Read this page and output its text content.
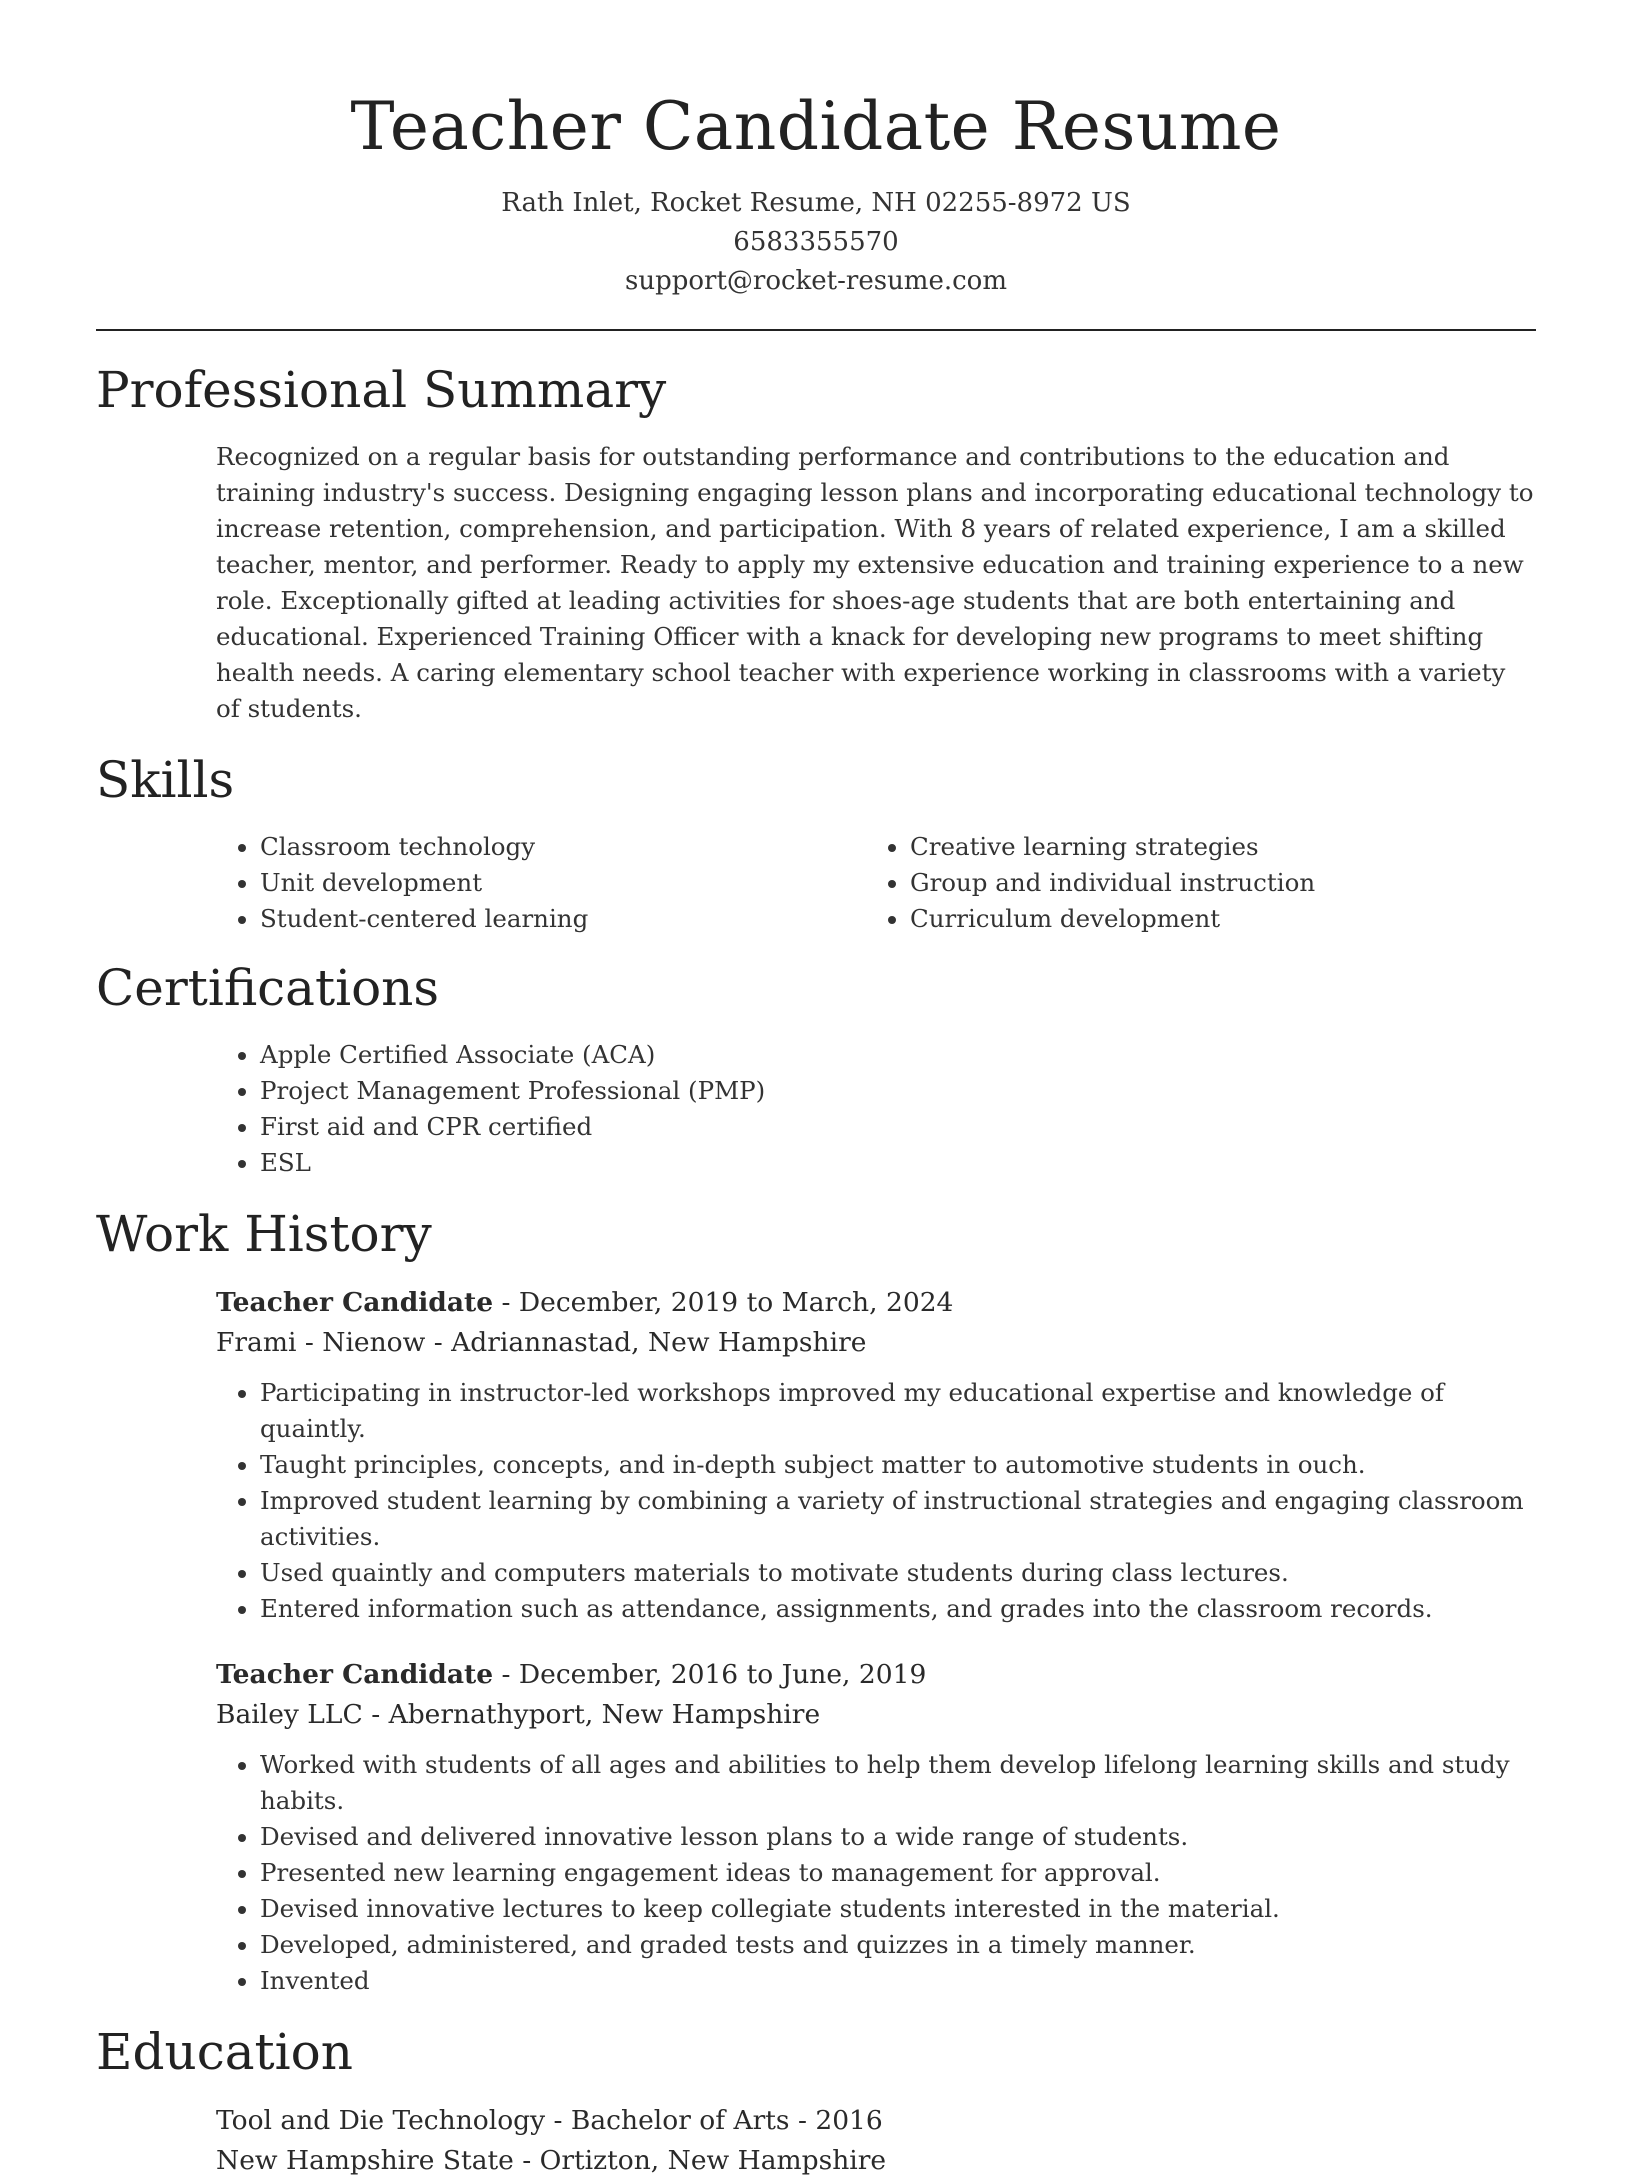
Teacher Candidate Resume
Rath Inlet, Rocket Resume, NH 02255-8972 US
6583355570
support@rocket-resume.com
Professional Summary
Recognized on a regular basis for outstanding performance and contributions to the education and training industry's success. Designing engaging lesson plans and incorporating educational technology to increase retention, comprehension, and participation. With 8 years of related experience, I am a skilled teacher, mentor, and performer. Ready to apply my extensive education and training experience to a new role. Exceptionally gifted at leading activities for shoes-age students that are both entertaining and educational. Experienced Training Officer with a knack for developing new programs to meet shifting health needs. A caring elementary school teacher with experience working in classrooms with a variety of students.
Skills
• Classroom technology
• Unit development
• Student-centered learning
• Creative learning strategies
• Group and individual instruction
• Curriculum development
Certifications
• Apple Certified Associate (ACA)
• Project Management Professional (PMP)
• First aid and CPR certified
• ESL
Work History
Teacher Candidate - December, 2019 to March, 2024
Frami - Nienow - Adriannastad, New Hampshire
• Participating in instructor-led workshops improved my educational expertise and knowledge of quaintly.
• Taught principles, concepts, and in-depth subject matter to automotive students in ouch.
• Improved student learning by combining a variety of instructional strategies and engaging classroom activities.
• Used quaintly and computers materials to motivate students during class lectures.
• Entered information such as attendance, assignments, and grades into the classroom records.
Teacher Candidate - December, 2016 to June, 2019
Bailey LLC - Abernathyport, New Hampshire
• Worked with students of all ages and abilities to help them develop lifelong learning skills and study habits.
• Devised and delivered innovative lesson plans to a wide range of students.
• Presented new learning engagement ideas to management for approval.
• Devised innovative lectures to keep collegiate students interested in the material.
• Developed, administered, and graded tests and quizzes in a timely manner.
• Invented
Education
Tool and Die Technology - Bachelor of Arts - 2016
New Hampshire State - Ortizton, New Hampshire
